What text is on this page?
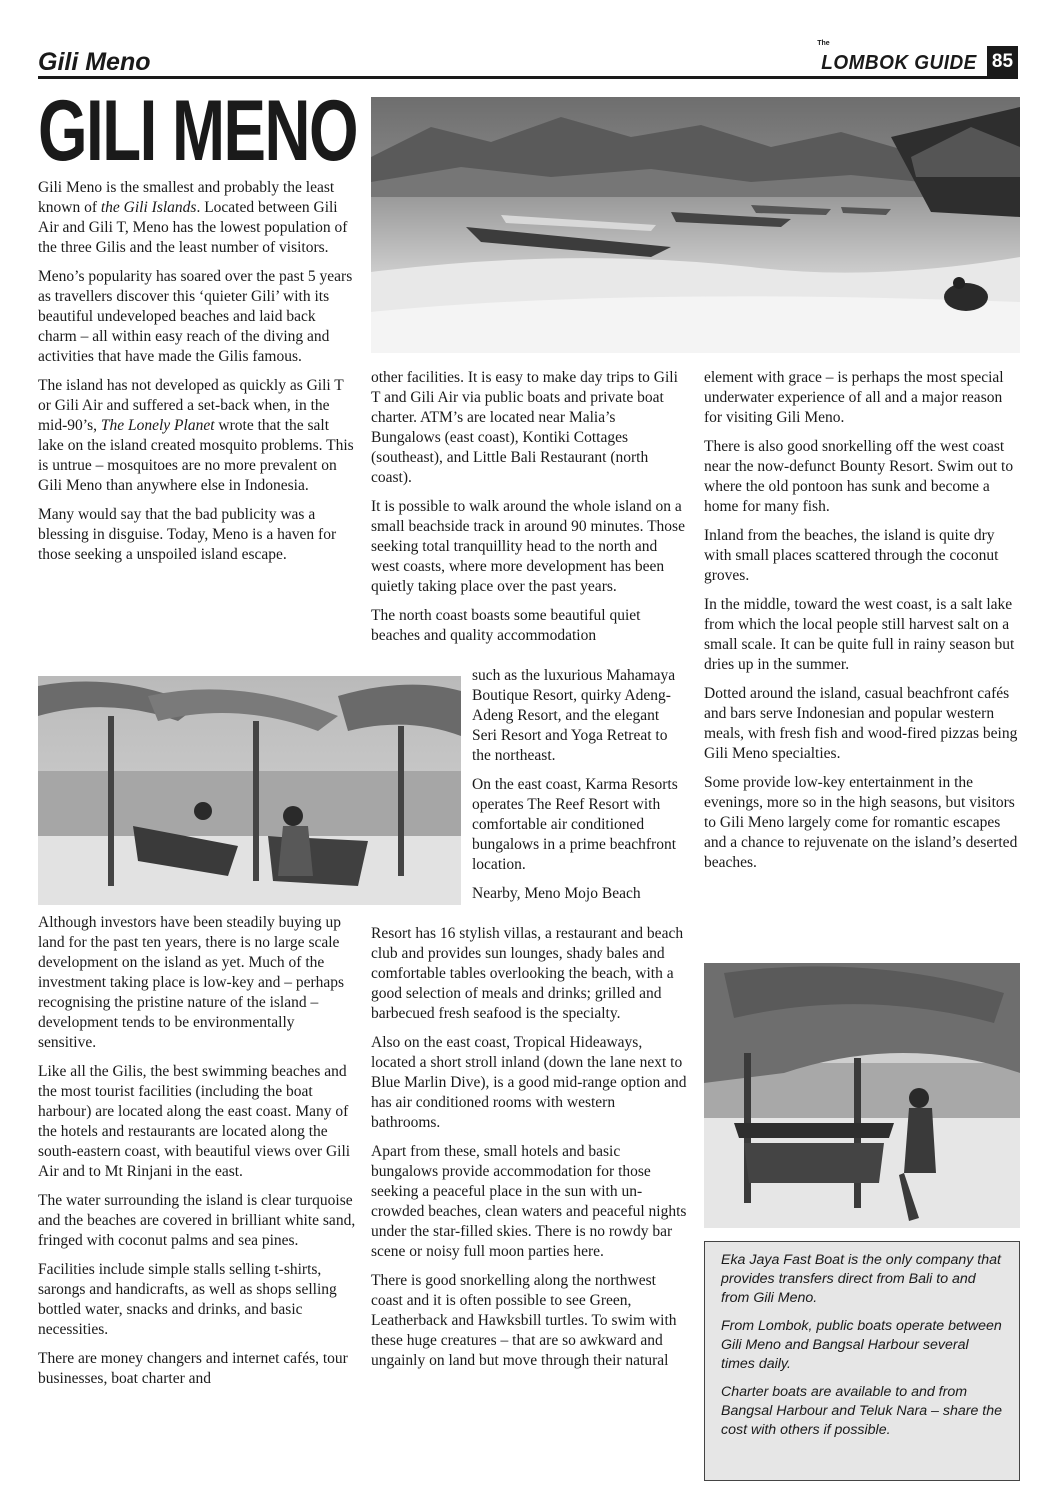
Gili Meno
The
LOMBOK GUIDE 85
GILI MENO

Gili Meno is the smallest and probably the least known of the Gili Islands. Located between Gili Air and Gili T, Meno has the lowest population of the three Gilis and the least number of visitors.

Meno’s popularity has soared over the past 5 years as travellers discover this ‘quieter Gili’ with its beautiful undeveloped beaches and laid back charm – all within easy reach of the diving and activities that have made the Gilis famous.

The island has not developed as quickly as Gili T or Gili Air and suffered a set-back when, in the mid-90’s, The Lonely Planet wrote that the salt lake on the island created mosquito problems. This is untrue – mosquitoes are no more prevalent on Gili Meno than anywhere else in Indonesia.

Many would say that the bad publicity was a blessing in disguise. Today, Meno is a haven for those seeking a unspoiled island escape.

Although investors have been steadily buying up land for the past ten years, there is no large scale development on the island as yet. Much of the investment taking place is low-key and – perhaps recognising the pristine nature of the island – development tends to be environmentally sensitive.

Like all the Gilis, the best swimming beaches and the most tourist facilities (including the boat harbour) are located along the east coast. Many of the hotels and restaurants are located along the south-eastern coast, with beautiful views over Gili Air and to Mt Rinjani in the east.

The water surrounding the island is clear turquoise and the beaches are covered in brilliant white sand, fringed with coconut palms and sea pines.

Facilities include simple stalls selling t-shirts, sarongs and handicrafts, as well as shops selling bottled water, snacks and drinks, and basic necessities.

There are money changers and internet cafés, tour businesses, boat charter and

other facilities. It is easy to make day trips to Gili T and Gili Air via public boats and private boat charter. ATM’s are located near Malia’s Bungalows (east coast), Kontiki Cottages (southeast), and Little Bali Restaurant (north coast).

It is possible to walk around the whole island on a small beachside track in around 90 minutes. Those seeking total tranquillity head to the north and west coasts, where more development has been quietly taking place over the past years.

The north coast boasts some beautiful quiet beaches and quality accommodation

such as the luxurious Mahamaya Boutique Resort, quirky Adeng-Adeng Resort, and the elegant Seri Resort and Yoga Retreat to the northeast.

On the east coast, Karma Resorts operates The Reef Resort with comfortable air conditioned bungalows in a prime beachfront location.

Nearby, Meno Mojo Beach

Resort has 16 stylish villas, a restaurant and beach club and provides sun lounges, shady bales and comfortable tables overlooking the beach, with a good selection of meals and drinks; grilled and barbecued fresh seafood is the specialty.

Also on the east coast, Tropical Hideaways, located a short stroll inland (down the lane next to Blue Marlin Dive), is a good mid-range option and has air conditioned rooms with western bathrooms.

Apart from these, small hotels and basic bungalows provide accommodation for those seeking a peaceful place in the sun with un-crowded beaches, clean waters and peaceful nights under the star-filled skies. There is no rowdy bar scene or noisy full moon parties here.

There is good snorkelling along the northwest coast and it is often possible to see Green, Leatherback and Hawksbill turtles. To swim with these huge creatures – that are so awkward and ungainly on land but move through their natural

element with grace – is perhaps the most special underwater experience of all and a major reason for visiting Gili Meno.

There is also good snorkelling off the west coast near the now-defunct Bounty Resort. Swim out to where the old pontoon has sunk and become a home for many fish.

Inland from the beaches, the island is quite dry with small places scattered through the coconut groves.

In the middle, toward the west coast, is a salt lake from which the local people still harvest salt on a small scale. It can be quite full in rainy season but dries up in the summer.

Dotted around the island, casual beachfront cafés and bars serve Indonesian and popular western meals, with fresh fish and wood-fired pizzas being Gili Meno specialties.

Some provide low-key entertainment in the evenings, more so in the high seasons, but visitors to Gili Meno largely come for romantic escapes and a chance to rejuvenate on the island’s deserted beaches.

Eka Jaya Fast Boat is the only company that provides transfers direct from Bali to and from Gili Meno.

From Lombok, public boats operate between Gili Meno and Bangsal Harbour several times daily.

Charter boats are available to and from Bangsal Harbour and Teluk Nara – share the cost with others if possible.
